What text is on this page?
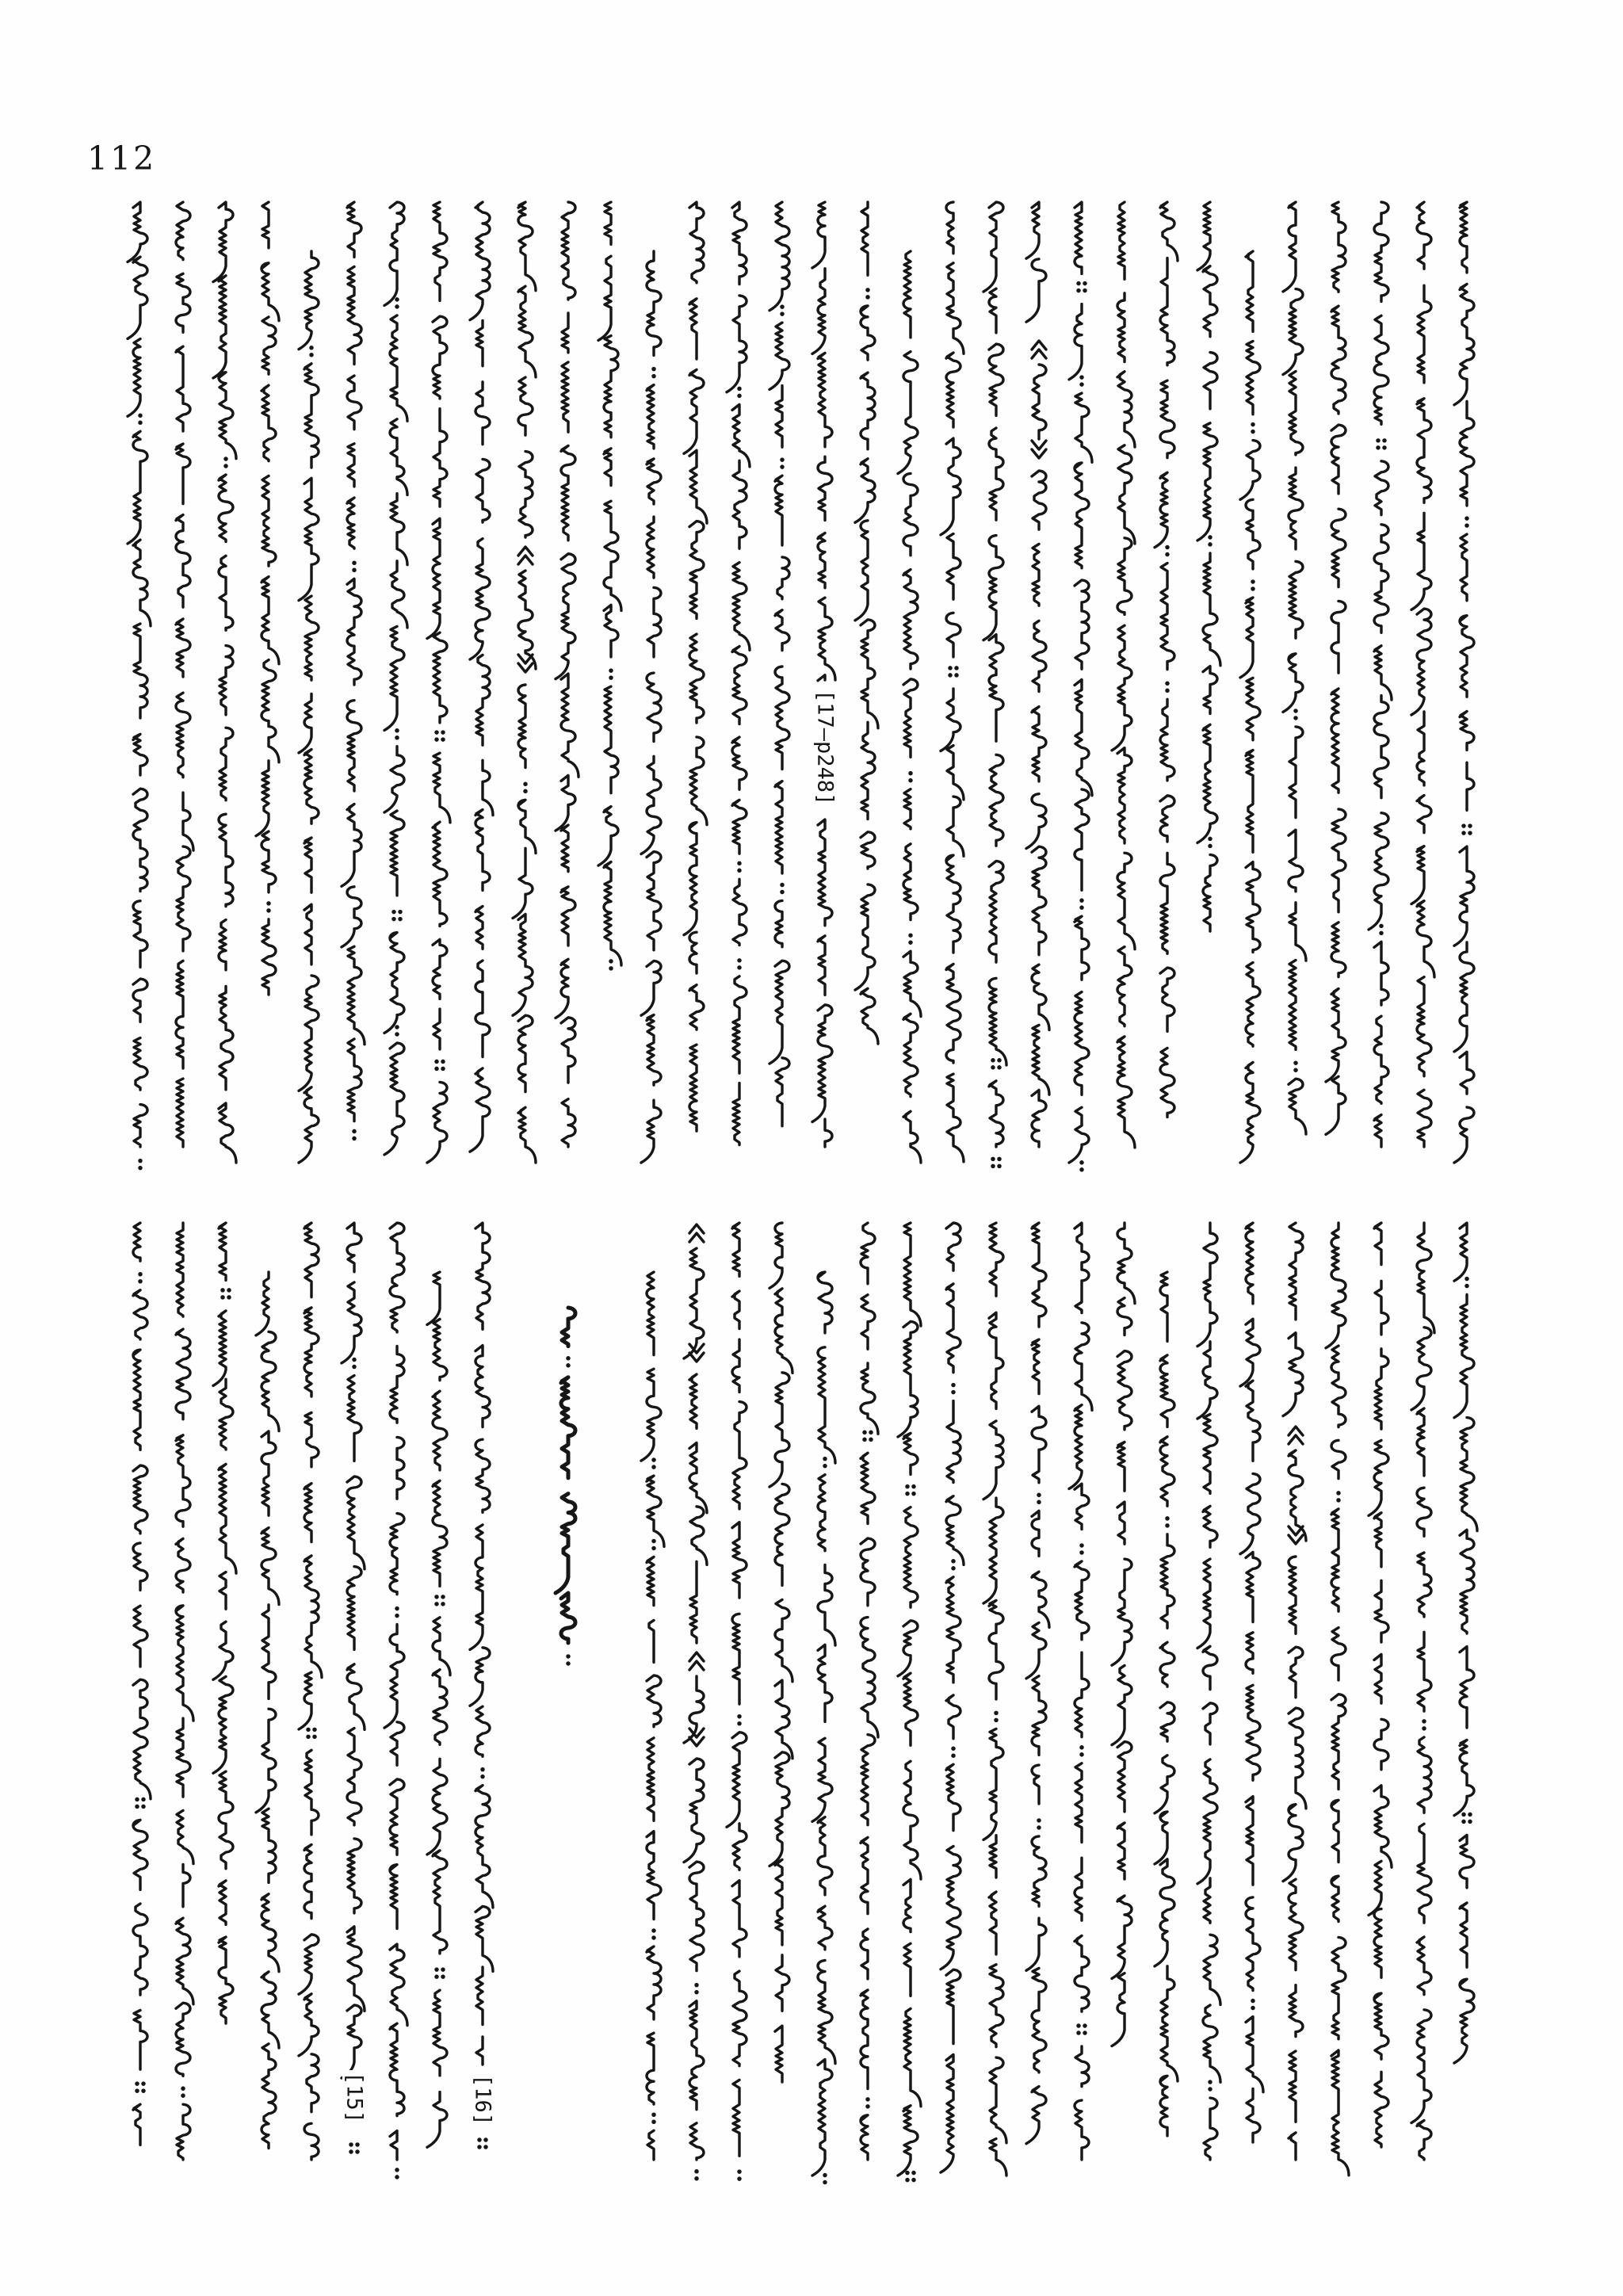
112
[17—p248]
[15]	[16]
